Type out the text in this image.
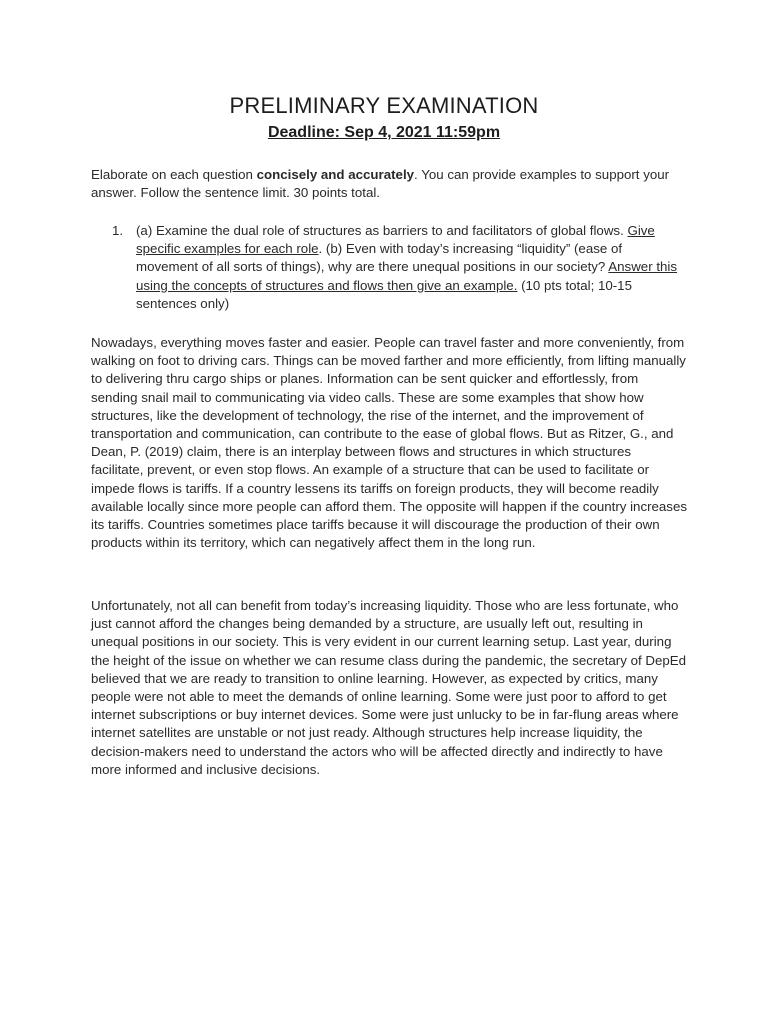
PRELIMINARY EXAMINATION
Deadline: Sep 4, 2021 11:59pm
Elaborate on each question concisely and accurately. You can provide examples to support your answer. Follow the sentence limit. 30 points total.
1. (a) Examine the dual role of structures as barriers to and facilitators of global flows. Give specific examples for each role. (b) Even with today’s increasing “liquidity” (ease of movement of all sorts of things), why are there unequal positions in our society? Answer this using the concepts of structures and flows then give an example. (10 pts total; 10-15 sentences only)
Nowadays, everything moves faster and easier. People can travel faster and more conveniently, from walking on foot to driving cars. Things can be moved farther and more efficiently, from lifting manually to delivering thru cargo ships or planes. Information can be sent quicker and effortlessly, from sending snail mail to communicating via video calls. These are some examples that show how structures, like the development of technology, the rise of the internet, and the improvement of transportation and communication, can contribute to the ease of global flows. But as Ritzer, G., and Dean, P. (2019) claim, there is an interplay between flows and structures in which structures facilitate, prevent, or even stop flows. An example of a structure that can be used to facilitate or impede flows is tariffs. If a country lessens its tariffs on foreign products, they will become readily available locally since more people can afford them. The opposite will happen if the country increases its tariffs. Countries sometimes place tariffs because it will discourage the production of their own products within its territory, which can negatively affect them in the long run.
Unfortunately, not all can benefit from today’s increasing liquidity. Those who are less fortunate, who just cannot afford the changes being demanded by a structure, are usually left out, resulting in unequal positions in our society. This is very evident in our current learning setup. Last year, during the height of the issue on whether we can resume class during the pandemic, the secretary of DepEd believed that we are ready to transition to online learning. However, as expected by critics, many people were not able to meet the demands of online learning. Some were just poor to afford to get internet subscriptions or buy internet devices. Some were just unlucky to be in far-flung areas where internet satellites are unstable or not just ready. Although structures help increase liquidity, the decision-makers need to understand the actors who will be affected directly and indirectly to have more informed and inclusive decisions.
